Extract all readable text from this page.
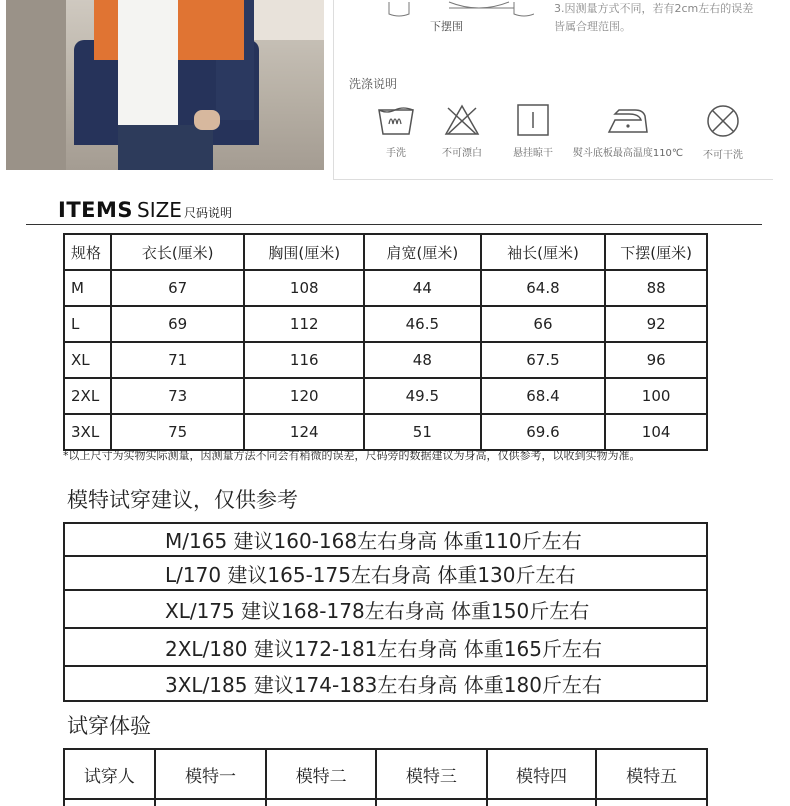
下摆围
3.因测量方式不同，若有2cm左右的误差
皆属合理范围。
洗涤说明
手洗	不可漂白	悬挂晾干	熨斗底板最高温度110℃	不可干洗
ITEMS SIZE 尺码说明
规格	衣长(厘米)	胸围(厘米)	肩宽(厘米)	袖长(厘米)	下摆(厘米)
M	67	108	44	64.8	88
L	69	112	46.5	66	92
XL	71	116	48	67.5	96
2XL	73	120	49.5	68.4	100
3XL	75	124	51	69.6	104
*以上尺寸为实物实际测量，因测量方法不同会有稍微的误差，尺码旁的数据建议为身高，仅供参考，以收到实物为准。
模特试穿建议，仅供参考
M/165 建议160-168左右身高 体重110斤左右
L/170 建议165-175左右身高 体重130斤左右
XL/175 建议168-178左右身高 体重150斤左右
2XL/180 建议172-181左右身高 体重165斤左右
3XL/185 建议174-183左右身高 体重180斤左右
试穿体验
试穿人	模特一	模特二	模特三	模特四	模特五
